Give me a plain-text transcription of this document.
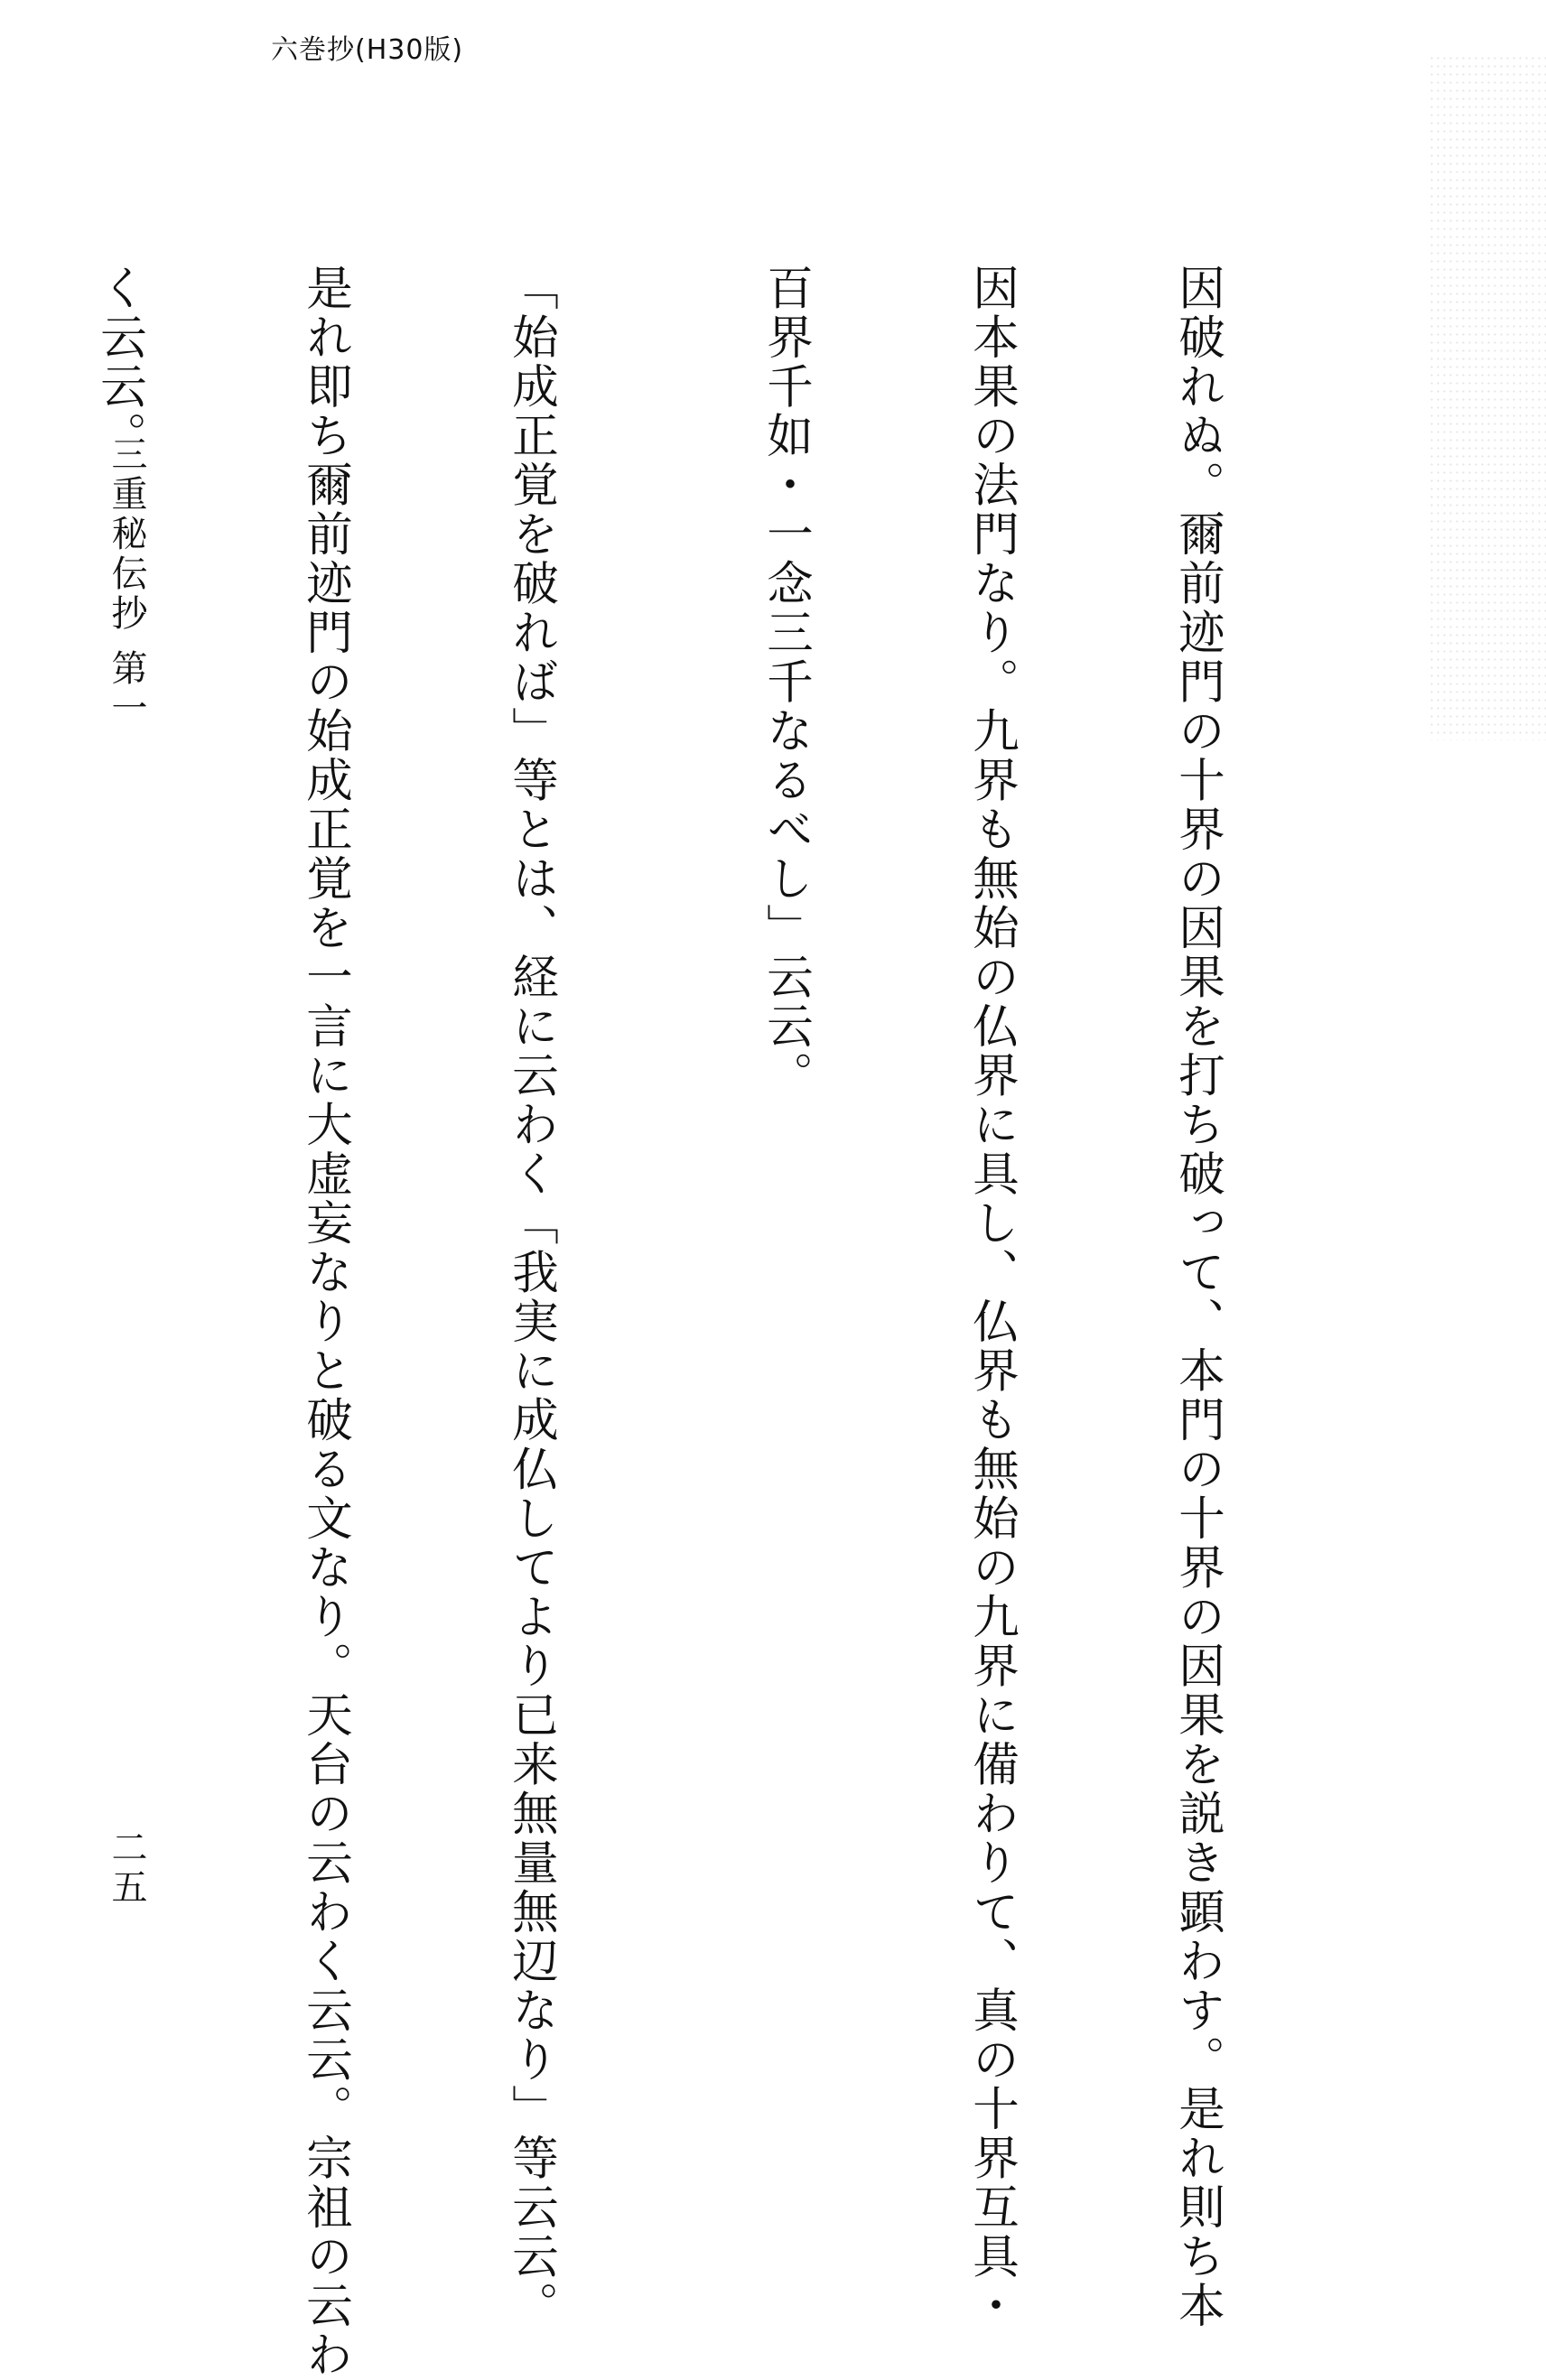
六巻抄(H30版)

因破れぬ。爾前迹門の十界の因果を打ち破って、本門の十界の因果を説き顕わす。是れ則ち本

因本果の法門なり。九界も無始の仏界に具し、仏界も無始の九界に備わりて、真の十界互具・

百界千如・一念三千なるべし」云云。

「始成正覚を破れば」等とは、経に云わく「我実に成仏してより已来無量無辺なり」等云云。

是れ即ち爾前迹門の始成正覚を一言に大虚妄なりと破る文なり。天台の云わく云云。宗祖の云わ

く云云。

三重秘伝抄 第一
二五
